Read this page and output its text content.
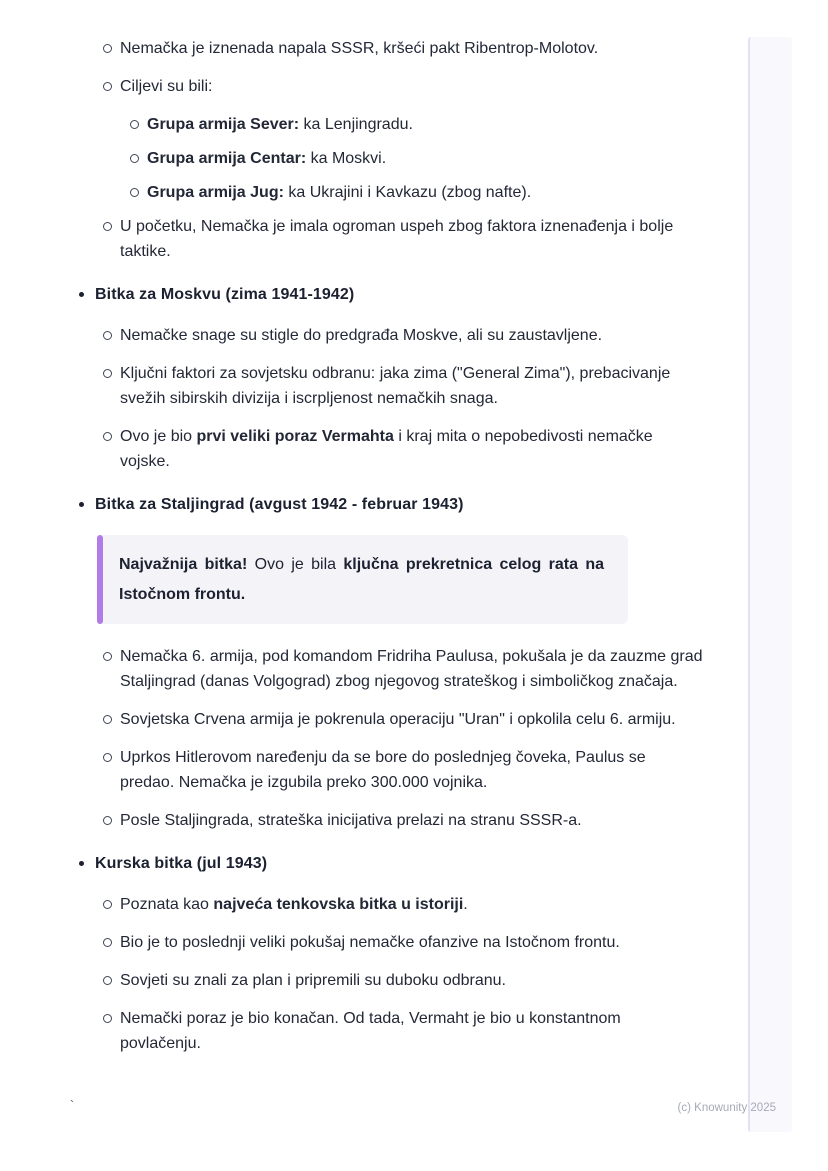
Nemačka je iznenada napala SSSR, kršeći pakt Ribentrop-Molotov.
Ciljevi su bili:
Grupa armija Sever: ka Lenjingradu.
Grupa armija Centar: ka Moskvi.
Grupa armija Jug: ka Ukrajini i Kavkazu (zbog nafte).
U početku, Nemačka je imala ogroman uspeh zbog faktora iznenađenja i bolje taktike.
Bitka za Moskvu (zima 1941-1942)
Nemačke snage su stigle do predgrađa Moskve, ali su zaustavljene.
Ključni faktori za sovjetsku odbranu: jaka zima ("General Zima"), prebacivanje svežih sibirskih divizija i iscrpljenost nemačkih snaga.
Ovo je bio prvi veliki poraz Vermahta i kraj mita o nepobedivosti nemačke vojske.
Bitka za Staljingrad (avgust 1942 - februar 1943)
Najvažnija bitka! Ovo je bila ključna prekretnica celog rata na Istočnom frontu.
Nemačka 6. armija, pod komandom Fridriha Paulusa, pokušala je da zauzme grad Staljingrad (danas Volgograd) zbog njegovog strateškog i simboličkog značaja.
Sovjetska Crvena armija je pokrenula operaciju "Uran" i opkolila celu 6. armiju.
Uprkos Hitlerovom naređenju da se bore do poslednjeg čoveka, Paulus se predao. Nemačka je izgubila preko 300.000 vojnika.
Posle Staljingrada, strateška inicijativa prelazi na stranu SSSR-a.
Kurska bitka (jul 1943)
Poznata kao najveća tenkovska bitka u istoriji.
Bio je to poslednji veliki pokušaj nemačke ofanzive na Istočnom frontu.
Sovjeti su znali za plan i pripremili su duboku odbranu.
Nemački poraz je bio konačan. Od tada, Vermaht je bio u konstantnom povlačenju.
`	(c) Knowunity 2025
